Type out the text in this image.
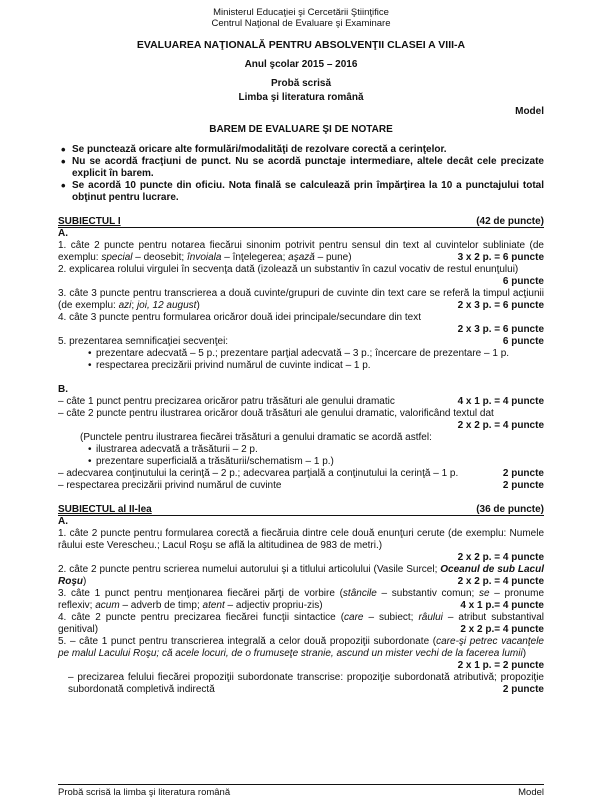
Ministerul Educaţiei şi Cercetării Ştiinţifice
Centrul Naţional de Evaluare şi Examinare
EVALUAREA NAŢIONALĂ PENTRU ABSOLVENŢII CLASEI A VIII-A
Anul şcolar 2015 – 2016
Probă scrisă
Limba şi literatura română
Model
BAREM DE EVALUARE ŞI DE NOTARE
• Se punctează oricare alte formulări/modalităţi de rezolvare corectă a cerinţelor.
• Nu se acordă fracţiuni de punct. Nu se acordă punctaje intermediare, altele decât cele precizate explicit în barem.
• Se acordă 10 puncte din oficiu. Nota finală se calculează prin împărţirea la 10 a punctajului total obţinut pentru lucrare.
SUBIECTUL I	(42 de puncte)
A.
1. câte 2 puncte pentru notarea fiecărui sinonim potrivit pentru sensul din text al cuvintelor subliniate (de exemplu: special – deosebit; învoiala – înţelegerea; aşază – pune)	3 x 2 p. = 6 puncte
2. explicarea rolului virgulei în secvenţa dată (izolează un substantiv în cazul vocativ de restul enunţului)
6 puncte
3. câte 3 puncte pentru transcrierea a două cuvinte/grupuri de cuvinte din text care se referă la timpul acţiunii (de exemplu: azi; joi, 12 august)	2 x 3 p. = 6 puncte
4. câte 3 puncte pentru formularea oricăror două idei principale/secundare din text
2 x 3 p. = 6 puncte
5. prezentarea semnificaţiei secvenţei:	6 puncte
• prezentare adecvată – 5 p.; prezentare parţial adecvată – 3 p.; încercare de prezentare – 1 p.
• respectarea precizării privind numărul de cuvinte indicat – 1 p.
B.
– câte 1 punct pentru precizarea oricăror patru trăsături ale genului dramatic	4 x 1 p. = 4 puncte
– câte 2 puncte pentru ilustrarea oricăror două trăsături ale genului dramatic, valorificând textul dat
2 x 2 p. = 4 puncte
(Punctele pentru ilustrarea fiecărei trăsături a genului dramatic se acordă astfel:
• ilustrarea adecvată a trăsăturii – 2 p.
• prezentare superficială a trăsăturii/schematism – 1 p.)
– adecvarea conţinutului la cerinţă – 2 p.; adecvarea parţială a conţinutului la cerinţă – 1 p.	2 puncte
– respectarea precizării privind numărul de cuvinte	2 puncte
SUBIECTUL al II-lea	(36 de puncte)
A.
1. câte 2 puncte pentru formularea corectă a fiecăruia dintre cele două enunţuri cerute (de exemplu: Numele râului este Verescheu.; Lacul Roşu se află la altitudinea de 983 de metri.)
2 x 2 p. = 4 puncte
2. câte 2 puncte pentru scrierea numelui autorului şi a titlului articolului (Vasile Surcel; Oceanul de sub Lacul Roşu)	2 x 2 p. = 4 puncte
3. câte 1 punct pentru menţionarea fiecărei părţi de vorbire (stâncile – substantiv comun; se – pronume reflexiv; acum – adverb de timp; atent – adjectiv propriu-zis)	4 x 1 p.= 4 puncte
4. câte 2 puncte pentru precizarea fiecărei funcţii sintactice (care – subiect; râului – atribut substantival genitival)	2 x 2 p.= 4 puncte
5. – câte 1 punct pentru transcrierea integrală a celor două propoziţii subordonate (care-şi petrec vacanţele pe malul Lacului Roşu; că acele locuri, de o frumuseţe stranie, ascund un mister vechi de la facerea lumii)
2 x 1 p. = 2 puncte
– precizarea felului fiecărei propoziţii subordonate transcrise: propoziţie subordonată atributivă; propoziţie subordonată completivă indirectă	2 puncte
Probă scrisă la limba şi literatura română	Model
